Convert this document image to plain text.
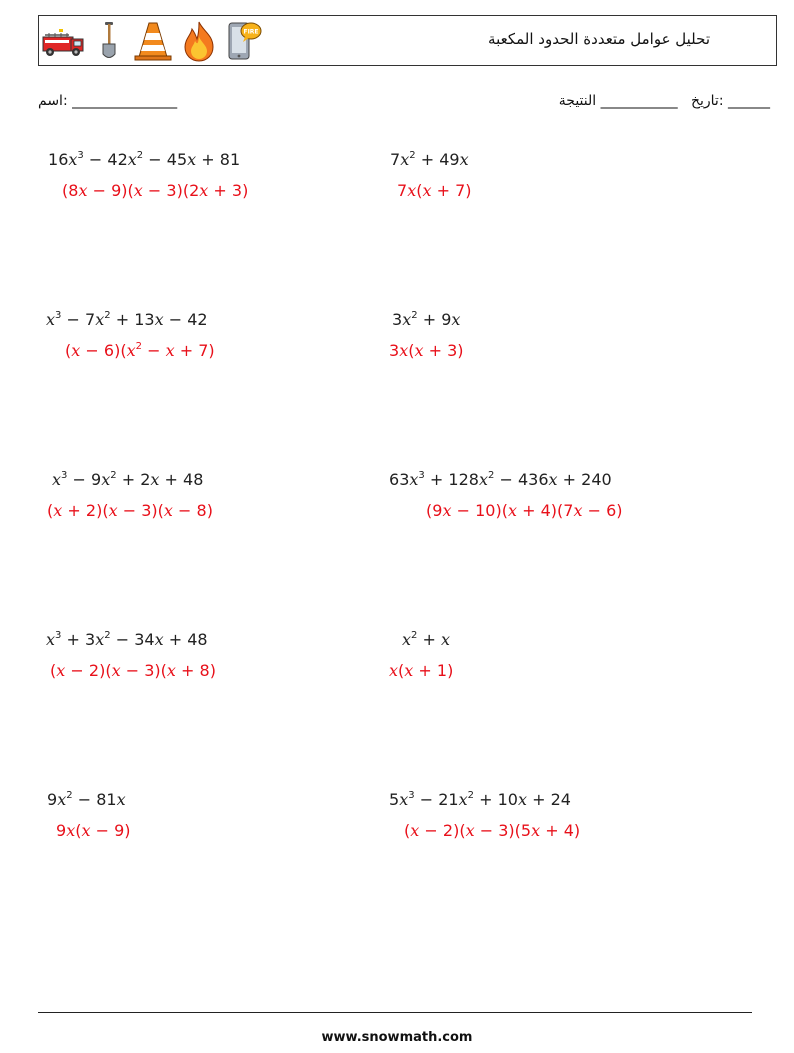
FIRE	تحليل عوامل متعددة الحدود المكعبة
______ :تاريخ   ___________ النتيجة
_______________ :اسم
$16x^3 - 42x^2 - 45x + 81$
(8x − 9)(x − 3)(2x + 3)
$7x^2 + 49x$
7x(x + 7)
$x^3 - 7x^2 + 13x - 42$
$(x - 6)(x^2 - x + 7)$
$3x^2 + 9x$
3x(x + 3)
$x^3 - 9x^2 + 2x + 48$
(x + 2)(x − 3)(x − 8)
$63x^3 + 128x^2 - 436x + 240$
(9x − 10)(x + 4)(7x − 6)
$x^3 + 3x^2 - 34x + 48$
(x − 2)(x − 3)(x + 8)
$x^2 + x$
x(x + 1)
$9x^2 - 81x$
9x(x − 9)
$5x^3 - 21x^2 + 10x + 24$
(x − 2)(x − 3)(5x + 4)
www.snowmath.com
